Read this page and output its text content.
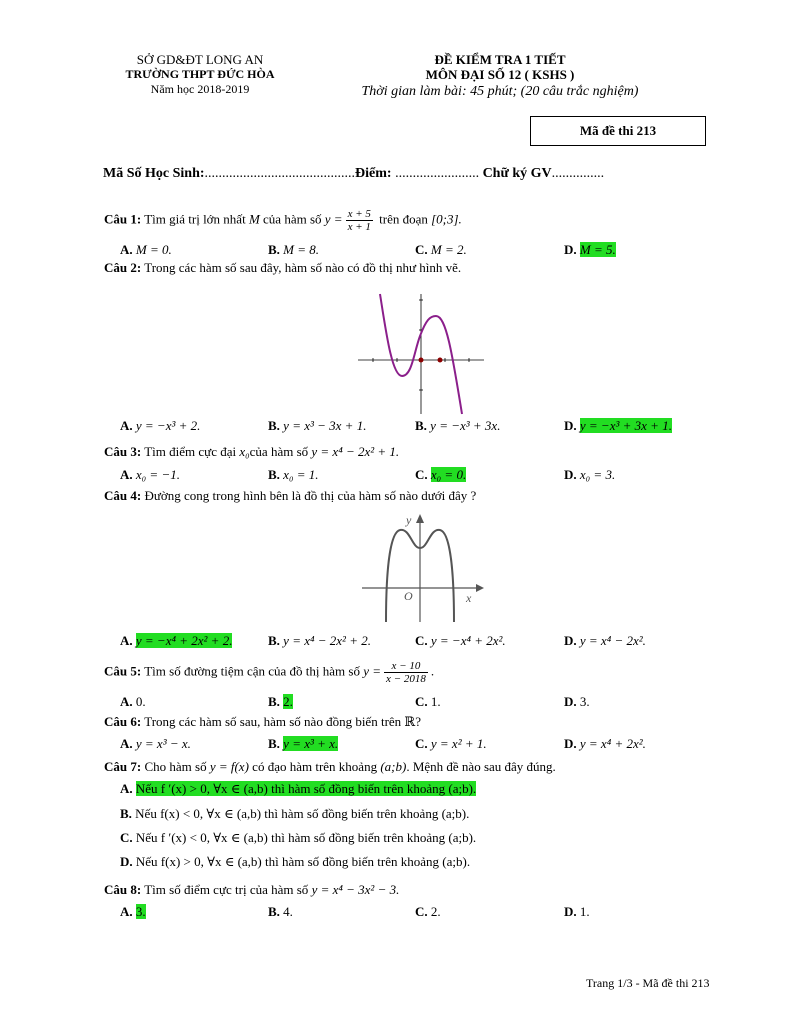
SỞ GD&ĐT LONG AN
TRƯỜNG THPT ĐỨC HÒA
Năm học 2018-2019
ĐỀ KIỂM TRA 1 TIẾT
MÔN ĐẠI SỐ 12 ( KSHS )
Thời gian làm bài: 45 phút; (20 câu trắc nghiệm)
Mã đề thi 213
Mã Số Học Sinh:...........................................Điểm: ........................ Chữ ký GV...............
Câu 1: Tìm giá trị lớn nhất M của hàm số $y = \frac{x + 5}{x + 1}$ trên đoạn [0;3].
A. M = 0.	B. M = 8.	C. M = 2.	D. M = 5.
Câu 2: Trong các hàm số sau đây, hàm số nào có đồ thị như hình vẽ.
A. y = −x³ + 2.	B. y = x³ − 3x + 1.	B. y = −x³ + 3x.	D. y = −x³ + 3x + 1.
Câu 3: Tìm điểm cực đại x₀của hàm số y = x⁴ − 2x² + 1.
A. x₀ = −1.	B. x₀ = 1.	C. x₀ = 0.	D. x₀ = 3.
Câu 4: Đường cong trong hình bên là đồ thị của hàm số nào dưới đây ?
y
O	x
A. y = −x⁴ + 2x² + 2.	B. y = x⁴ − 2x² + 2.	C. y = −x⁴ + 2x².	D. y = x⁴ − 2x².
Câu 5: Tìm số đường tiệm cận của đồ thị hàm số $y = \frac{x - 10}{x - 2018}$ .
A. 0.	B. 2.	C. 1.	D. 3.
Câu 6: Trong các hàm số sau, hàm số nào đồng biến trên ℝ?
A. y = x³ − x.	B. y = x³ + x.	C. y = x² + 1.	D. y = x⁴ + 2x².
Câu 7: Cho hàm số y = f(x) có đạo hàm trên khoảng (a;b). Mệnh đề nào sau đây đúng.
A. Nếu f ′(x) > 0, ∀x ∈ (a,b) thì hàm số đồng biến trên khoảng (a;b).
B. Nếu f(x) < 0, ∀x ∈ (a,b) thì hàm số đồng biến trên khoảng (a;b).
C. Nếu f ′(x) < 0, ∀x ∈ (a,b) thì hàm số đồng biến trên khoảng (a;b).
D. Nếu f(x) > 0, ∀x ∈ (a,b) thì hàm số đồng biến trên khoảng (a;b).
Câu 8: Tìm số điểm cực trị của hàm số y = x⁴ − 3x² − 3.
A. 3.	B. 4.	C. 2.	D. 1.
Trang 1/3 - Mã đề thi 213
